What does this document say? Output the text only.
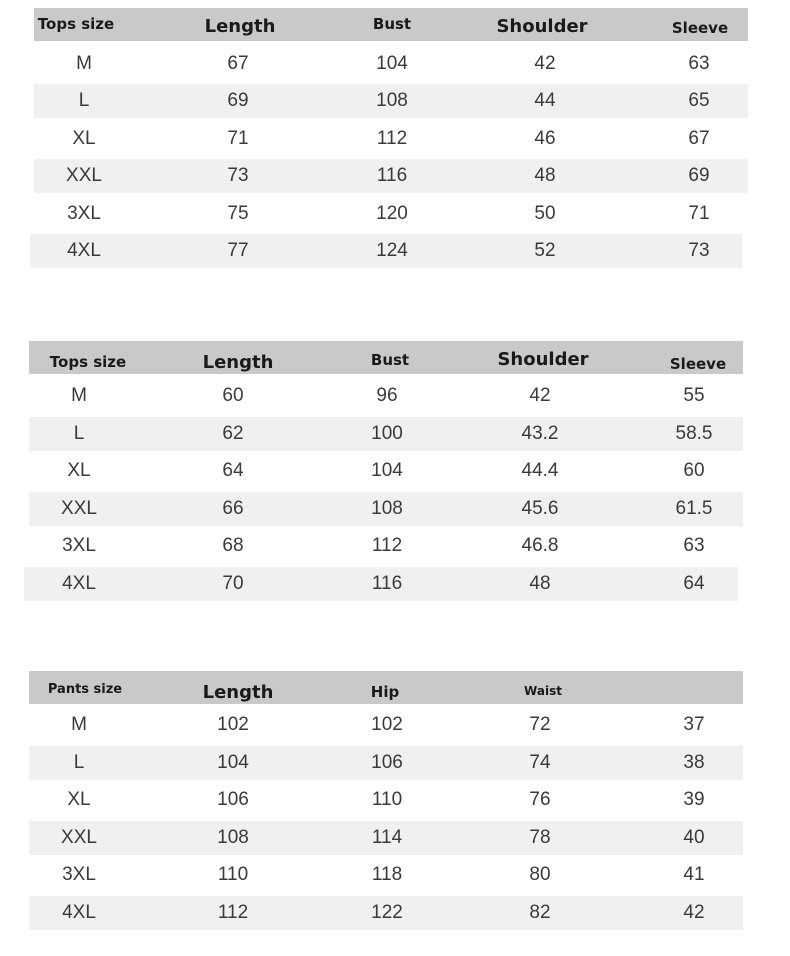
Tops size	Length	Bust	Shoulder	Sleeve
M	67	104	42	63
L	69	108	44	65
XL	71	112	46	67
XXL	73	116	48	69
3XL	75	120	50	71
4XL	77	124	52	73
Tops size	Length	Bust	Shoulder	Sleeve
M	60	96	42	55
L	62	100	43.2	58.5
XL	64	104	44.4	60
XXL	66	108	45.6	61.5
3XL	68	112	46.8	63
4XL	70	116	48	64
Pants size	Length	Hip	Waist
M	102	102	72	37
L	104	106	74	38
XL	106	110	76	39
XXL	108	114	78	40
3XL	110	118	80	41
4XL	112	122	82	42
